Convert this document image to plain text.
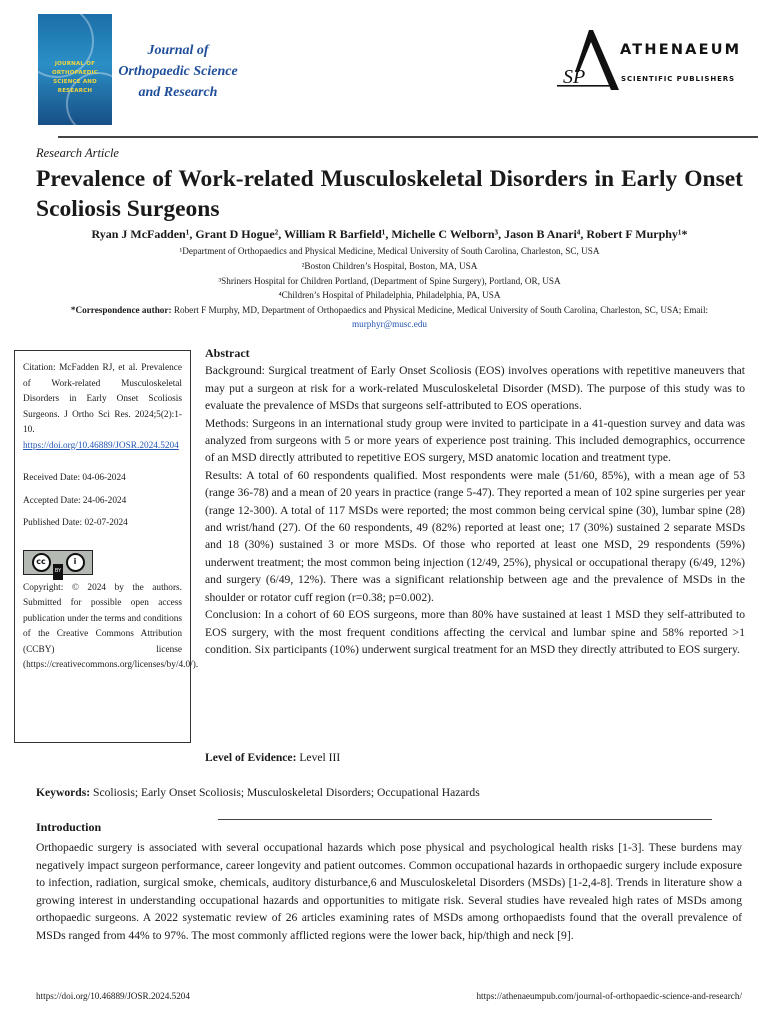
JOURNAL OF
ORTHOPAEDIC
SCIENCE AND
RESEARCH
Journal of
Orthopaedic Science
and Research
SP
ATHENAEUM
SCIENTIFIC PUBLISHERS
Research Article
Prevalence of Work-related Musculoskeletal Disorders in Early Onset Scoliosis Surgeons
Ryan J McFadden¹, Grant D Hogue², William R Barfield¹, Michelle C Welborn³, Jason B Anari⁴, Robert F Murphy¹*
¹Department of Orthopaedics and Physical Medicine, Medical University of South Carolina, Charleston, SC, USA
²Boston Children’s Hospital, Boston, MA, USA
³Shriners Hospital for Children Portland, (Department of Spine Surgery), Portland, OR, USA
⁴Children’s Hospital of Philadelphia, Philadelphia, PA, USA
*Correspondence author: Robert F Murphy, MD, Department of Orthopaedics and Physical Medicine, Medical University of South Carolina, Charleston, SC, USA; Email: murphyr@musc.edu
Citation: McFadden RJ, et al. Prevalence of Work-related Musculoskeletal Disorders in Early Onset Scoliosis Surgeons. J Ortho Sci Res. 2024;5(2):1-10.
https://doi.org/10.46889/JOSR.2024.5204
Received Date: 04-06-2024
Accepted Date: 24-06-2024
Published Date: 02-07-2024
cc	i
BY
Copyright: © 2024 by the authors. Submitted for possible open access publication under the terms and conditions of the Creative Commons Attribution (CCBY) license (https://creativecommons.org/licenses/by/4.0/).
Abstract

Background: Surgical treatment of Early Onset Scoliosis (EOS) involves operations with repetitive maneuvers that may put a surgeon at risk for a work-related Musculoskeletal Disorder (MSD). The purpose of this study was to evaluate the prevalence of MSDs that surgeons self-attributed to EOS operations.

Methods: Surgeons in an international study group were invited to participate in a 41-question survey and data was analyzed from surgeons with 5 or more years of experience post training. This included demographics, occurrence of an MSD directly attributed to repetitive EOS surgery, MSD anatomic location and treatment type.

Results: A total of 60 respondents qualified. Most respondents were male (51/60, 85%), with a mean age of 53 (range 36-78) and a mean of 20 years in practice (range 5-47). They reported a mean of 102 spine surgeries per year (range 12-300). A total of 117 MSDs were reported; the most common being cervical spine (30), lumbar spine (28) and wrist/hand (27). Of the 60 respondents, 49 (82%) reported at least one; 17 (30%) sustained 2 separate MSDs and 18 (30%) sustained 3 or more MSDs. Of those who reported at least one MSD, 29 respondents (59%) underwent treatment; the most common being injection (12/49, 25%), physical or occupational therapy (6/49, 12%) and surgery (6/49, 12%). There was a significant relationship between age and the prevalence of MSDs in the shoulder or rotator cuff region (r=0.38; p=0.002).

Conclusion: In a cohort of 60 EOS surgeons, more than 80% have sustained at least 1 MSD they self-attributed to EOS surgery, with the most frequent conditions affecting the cervical and lumbar spine and 58% reported >1 condition. Six participants (10%) underwent surgical treatment for an MSD they directly attributed to EOS surgery.

Level of Evidence: Level III
Keywords: Scoliosis; Early Onset Scoliosis; Musculoskeletal Disorders; Occupational Hazards
Introduction

Orthopaedic surgery is associated with several occupational hazards which pose physical and psychological health risks [1-3]. These burdens may negatively impact surgeon performance, career longevity and patient outcomes. Common occupational hazards in orthopaedic surgery include exposure to infection, radiation, surgical smoke, chemicals, auditory disturbance,6 and Musculoskeletal Disorders (MSDs) [1-2,4-8]. Trends in literature show a growing interest in understanding occupational hazards and opportunities to mitigate risk. Several studies have revealed high rates of MSDs among orthopaedic surgeons. A 2022 systematic review of 26 articles examining rates of MSDs among orthopaedists found that the overall prevalence of MSDs ranged from 44% to 97%. The most commonly afflicted regions were the lower back, hip/thigh and neck [9].

https://doi.org/10.46889/JOSR.2024.5204	https://athenaeumpub.com/journal-of-orthopaedic-science-and-research/
